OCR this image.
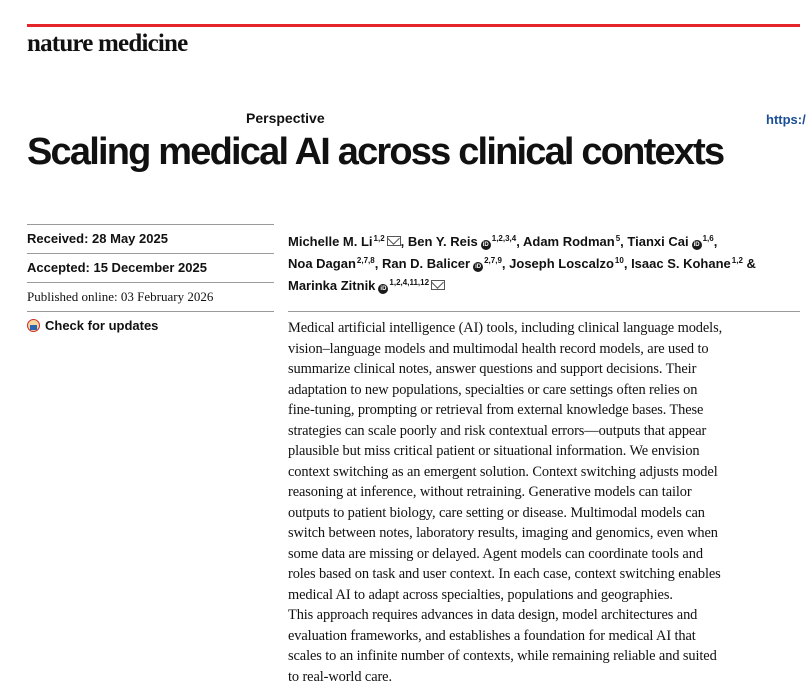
nature medicine
Perspective	https:/
Scaling medical AI across clinical contexts
Received: 28 May 2025
Accepted: 15 December 2025
Published online: 03 February 2026
Check for updates
Michelle M. Li$^{1,2}$ , Ben Y. Reis iD$^{1,2,3,4}$, Adam Rodman$^5$, Tianxi Cai iD$^{1,6}$, Noa Dagan$^{2,7,8}$, Ran D. Balicer iD$^{2,7,9}$, Joseph Loscalzo$^{10}$, Isaac S. Kohane$^{1,2}$ & Marinka Zitnik iD$^{1,2,4,11,12}$
Medical artificial intelligence (AI) tools, including clinical language models,
vision–language models and multimodal health record models, are used to
summarize clinical notes, answer questions and support decisions. Their
adaptation to new populations, specialties or care settings often relies on
fine-tuning, prompting or retrieval from external knowledge bases. These
strategies can scale poorly and risk contextual errors—outputs that appear
plausible but miss critical patient or situational information. We envision
context switching as an emergent solution. Context switching adjusts model
reasoning at inference, without retraining. Generative models can tailor
outputs to patient biology, care setting or disease. Multimodal models can
switch between notes, laboratory results, imaging and genomics, even when
some data are missing or delayed. Agent models can coordinate tools and
roles based on task and user context. In each case, context switching enables
medical AI to adapt across specialties, populations and geographies.
This approach requires advances in data design, model architectures and
evaluation frameworks, and establishes a foundation for medical AI that
scales to an infinite number of contexts, while remaining reliable and suited
to real-world care.
